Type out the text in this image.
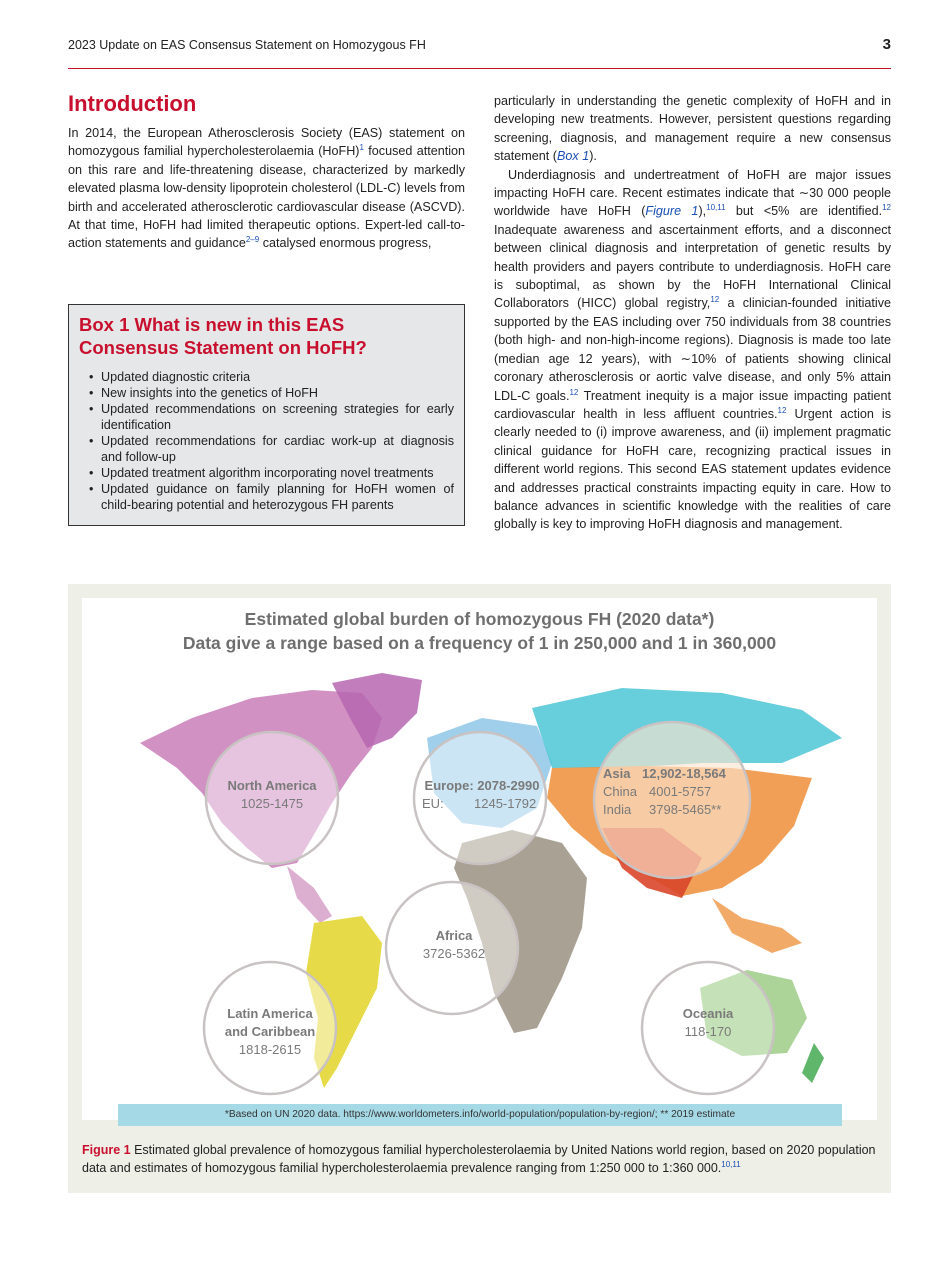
2023 Update on EAS Consensus Statement on Homozygous FH	3
Introduction

In 2014, the European Atherosclerosis Society (EAS) statement on homozygous familial hypercholesterolaemia (HoFH)$^1$ focused attention on this rare and life-threatening disease, characterized by markedly elevated plasma low-density lipoprotein cholesterol (LDL-C) levels from birth and accelerated atherosclerotic cardiovascular disease (ASCVD). At that time, HoFH had limited therapeutic options. Expert-led call-to-action statements and guidance$^{2-9}$ catalysed enormous progress,

Box 1 What is new in this EAS
Consensus Statement on HoFH?
• Updated diagnostic criteria
• New insights into the genetics of HoFH
• Updated recommendations on screening strategies for early identification
• Updated recommendations for cardiac work-up at diagnosis and follow-up
• Updated treatment algorithm incorporating novel treatments
• Updated guidance on family planning for HoFH women of child-bearing potential and heterozygous FH parents

particularly in understanding the genetic complexity of HoFH and in developing new treatments. However, persistent questions regarding screening, diagnosis, and management require a new consensus statement (Box 1).

Underdiagnosis and undertreatment of HoFH are major issues impacting HoFH care. Recent estimates indicate that ∼30 000 people worldwide have HoFH (Figure 1),$^{10,11}$ but <5% are identified.$^{12}$ Inadequate awareness and ascertainment efforts, and a disconnect between clinical diagnosis and interpretation of genetic results by health providers and payers contribute to underdiagnosis. HoFH care is suboptimal, as shown by the HoFH International Clinical Collaborators (HICC) global registry,$^{12}$ a clinician-founded initiative supported by the EAS including over 750 individuals from 38 countries (both high- and non-high-income regions). Diagnosis is made too late (median age 12 years), with ∼10% of patients showing clinical coronary atherosclerosis or aortic valve disease, and only 5% attain LDL-C goals.$^{12}$ Treatment inequity is a major issue impacting patient cardiovascular health in less affluent countries.$^{12}$ Urgent action is clearly needed to (i) improve awareness, and (ii) implement pragmatic clinical guidance for HoFH care, recognizing practical issues in different world regions. This second EAS statement updates evidence and addresses practical constraints impacting equity in care. How to balance advances in scientific knowledge with the realities of care globally is key to improving HoFH diagnosis and management.

Estimated global burden of homozygous FH (2020 data*)
Data give a range based on a frequency of 1 in 250,000 and 1 in 360,000
North America
1025-1475
Europe: 2078-2990
EU: 1245-1792
Asia 12,902-18,564
China 4001-5757
India 3798-5465**
Africa
3726-5362
Latin America
and Caribbean
1818-2615
Oceania
118-170
*Based on UN 2020 data. https://www.worldometers.info/world-population/population-by-region/; ** 2019 estimate
Figure 1 Estimated global prevalence of homozygous familial hypercholesterolaemia by United Nations world region, based on 2020 population data and estimates of homozygous familial hypercholesterolaemia prevalence ranging from 1:250 000 to 1:360 000.$^{10,11}$
